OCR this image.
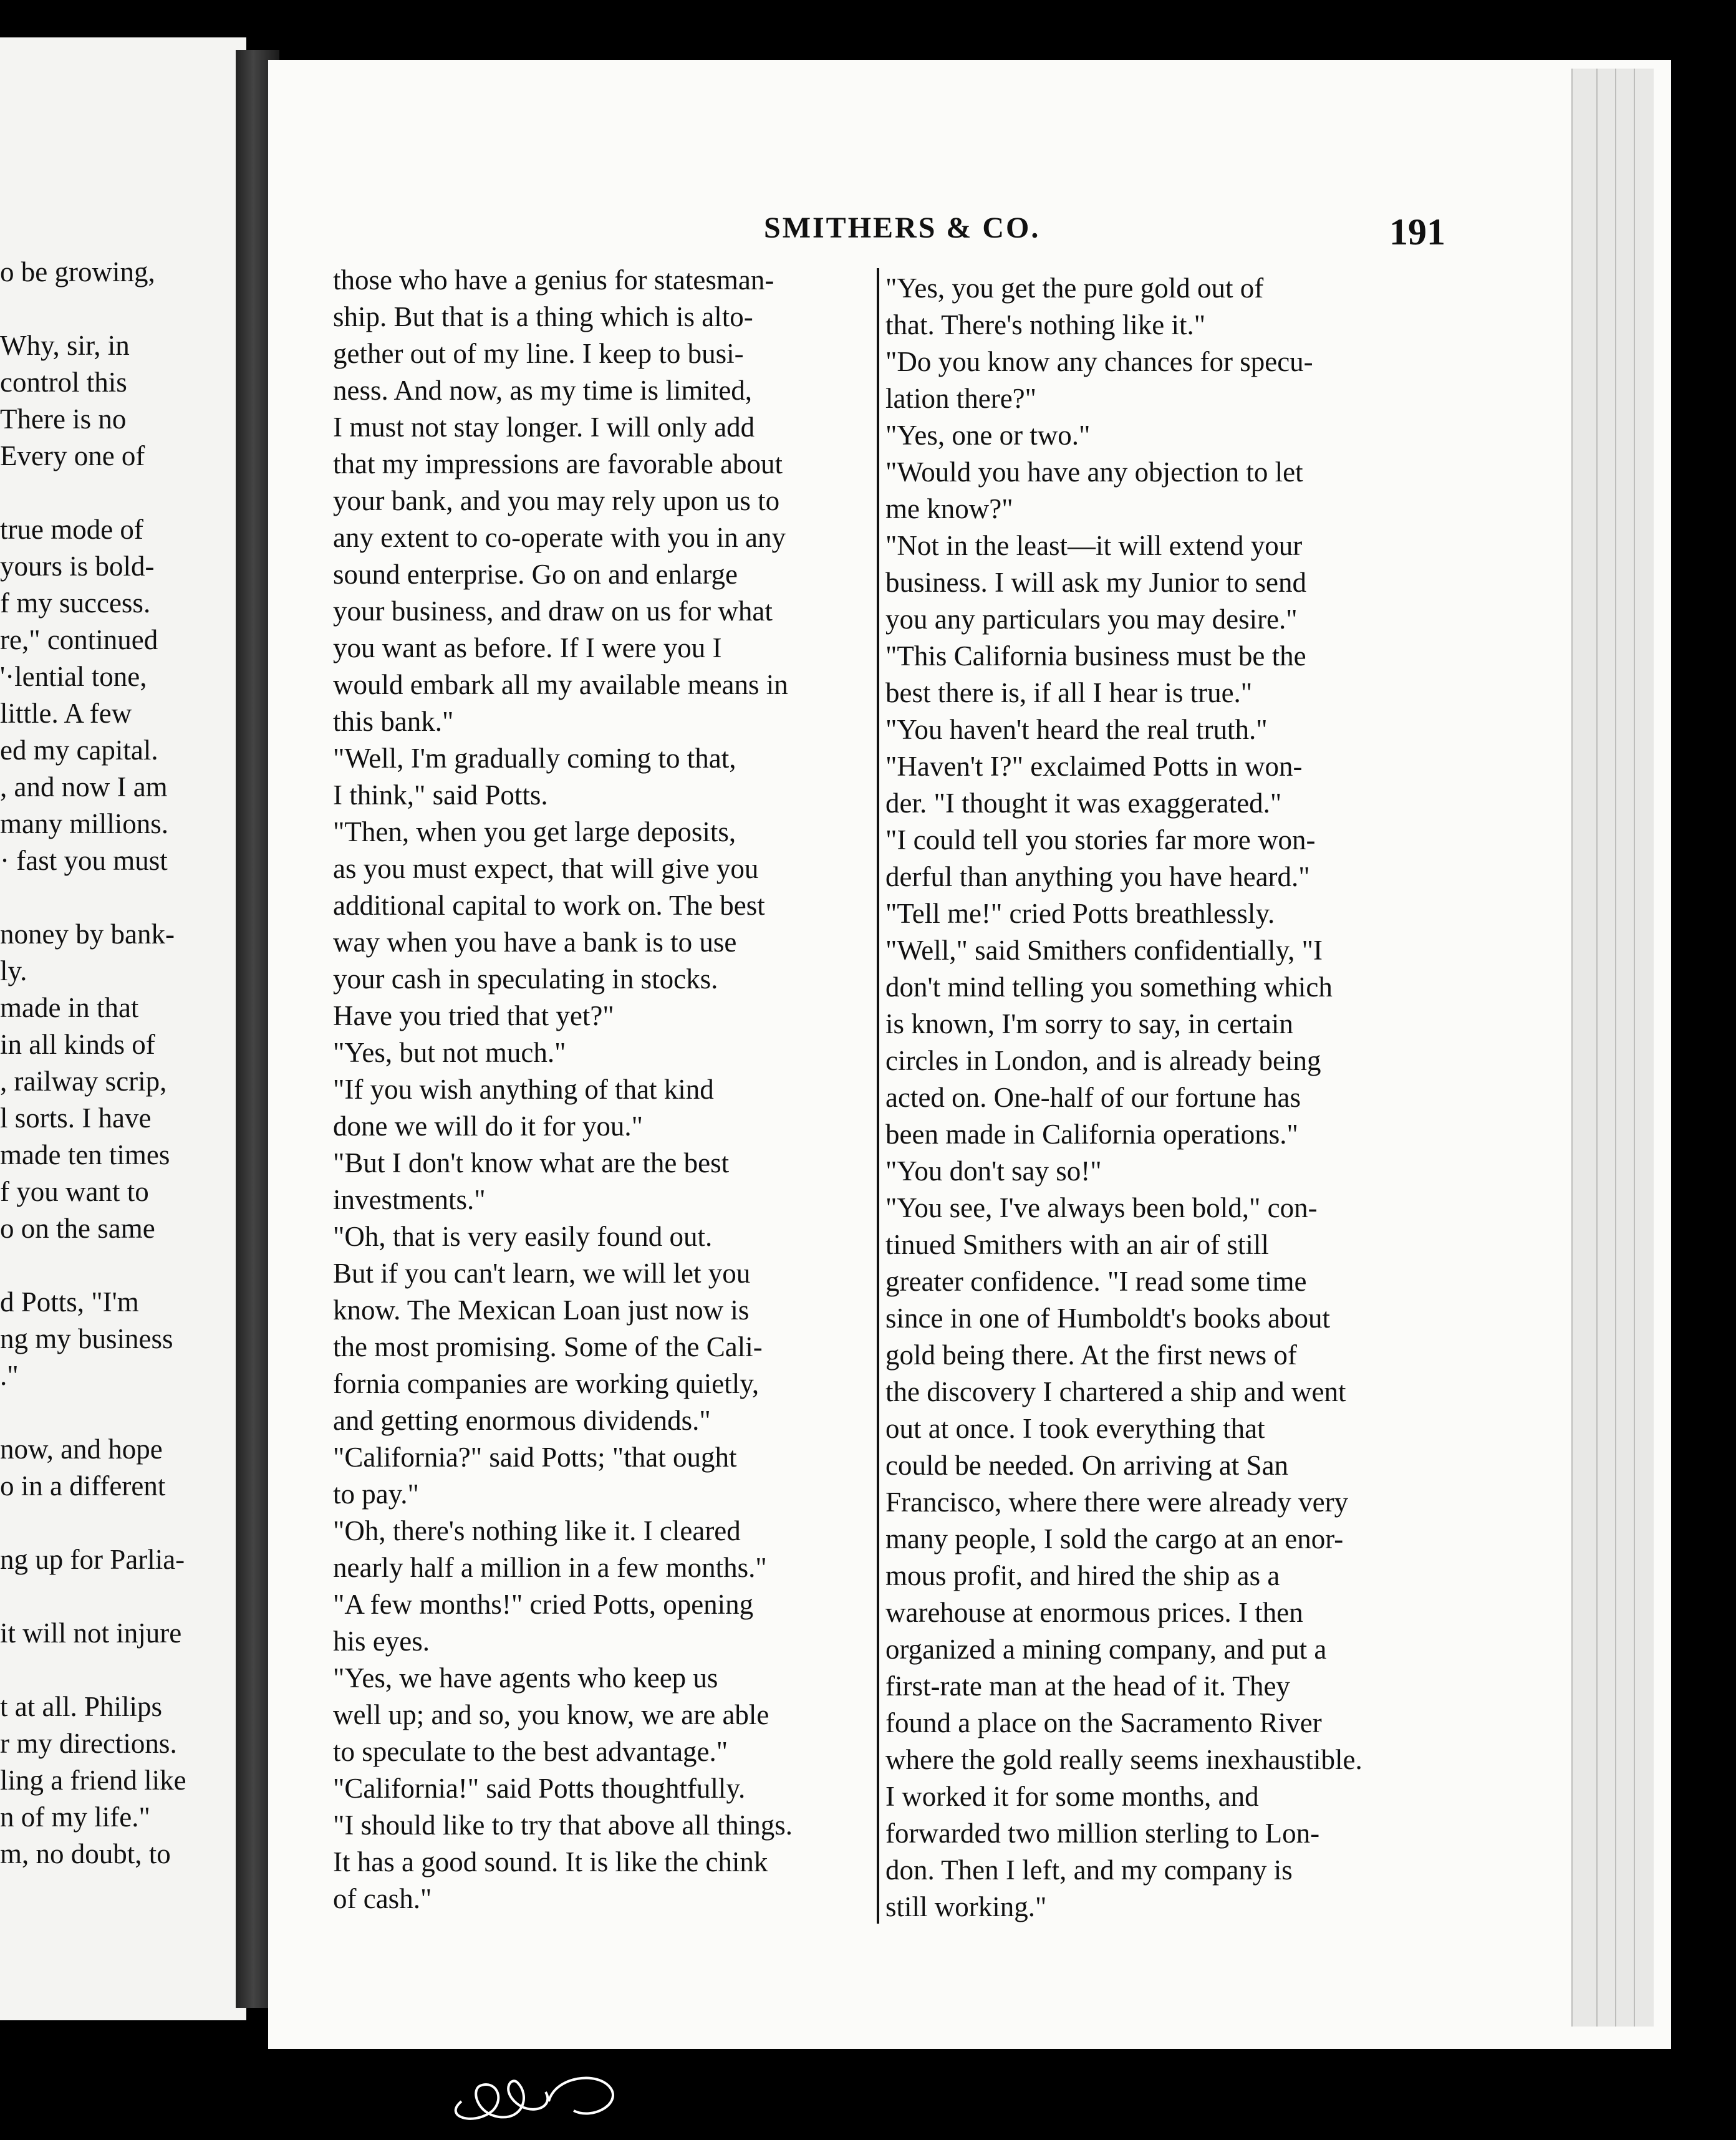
SMITHERS & CO.	191
o be growing,
Why, sir, in
control this
There is no
Every one of
true mode of
yours is bold-
f my success.
re," continued
'·lential tone,
little. A few
ed my capital.
, and now I am
many millions.
· fast you must
noney by bank-
ly.
made in that
in all kinds of
, railway scrip,
l sorts. I have
made ten times
f you want to
o on the same
d Potts, "I'm
ng my business
."
now, and hope
o in a different
ng up for Parlia-
it will not injure
t at all. Philips
r my directions.
ling a friend like
n of my life."
m, no doubt, to
those who have a genius for statesman-
ship. But that is a thing which is alto-
gether out of my line. I keep to busi-
ness. And now, as my time is limited,
I must not stay longer. I will only add
that my impressions are favorable about
your bank, and you may rely upon us to
any extent to co-operate with you in any
sound enterprise. Go on and enlarge
your business, and draw on us for what
you want as before. If I were you I
would embark all my available means in
this bank."
"Well, I'm gradually coming to that,
I think," said Potts.
"Then, when you get large deposits,
as you must expect, that will give you
additional capital to work on. The best
way when you have a bank is to use
your cash in speculating in stocks.
Have you tried that yet?"
"Yes, but not much."
"If you wish anything of that kind
done we will do it for you."
"But I don't know what are the best
investments."
"Oh, that is very easily found out.
But if you can't learn, we will let you
know. The Mexican Loan just now is
the most promising. Some of the Cali-
fornia companies are working quietly,
and getting enormous dividends."
"California?" said Potts; "that ought
to pay."
"Oh, there's nothing like it. I cleared
nearly half a million in a few months."
"A few months!" cried Potts, opening
his eyes.
"Yes, we have agents who keep us
well up; and so, you know, we are able
to speculate to the best advantage."
"California!" said Potts thoughtfully.
"I should like to try that above all things.
It has a good sound. It is like the chink
of cash."
"Yes, you get the pure gold out of
that. There's nothing like it."
"Do you know any chances for specu-
lation there?"
"Yes, one or two."
"Would you have any objection to let
me know?"
"Not in the least—it will extend your
business. I will ask my Junior to send
you any particulars you may desire."
"This California business must be the
best there is, if all I hear is true."
"You haven't heard the real truth."
"Haven't I?" exclaimed Potts in won-
der. "I thought it was exaggerated."
"I could tell you stories far more won-
derful than anything you have heard."
"Tell me!" cried Potts breathlessly.
"Well," said Smithers confidentially, "I
don't mind telling you something which
is known, I'm sorry to say, in certain
circles in London, and is already being
acted on. One-half of our fortune has
been made in California operations."
"You don't say so!"
"You see, I've always been bold," con-
tinued Smithers with an air of still
greater confidence. "I read some time
since in one of Humboldt's books about
gold being there. At the first news of
the discovery I chartered a ship and went
out at once. I took everything that
could be needed. On arriving at San
Francisco, where there were already very
many people, I sold the cargo at an enor-
mous profit, and hired the ship as a
warehouse at enormous prices. I then
organized a mining company, and put a
first-rate man at the head of it. They
found a place on the Sacramento River
where the gold really seems inexhaustible.
I worked it for some months, and
forwarded two million sterling to Lon-
don. Then I left, and my company is
still working."
